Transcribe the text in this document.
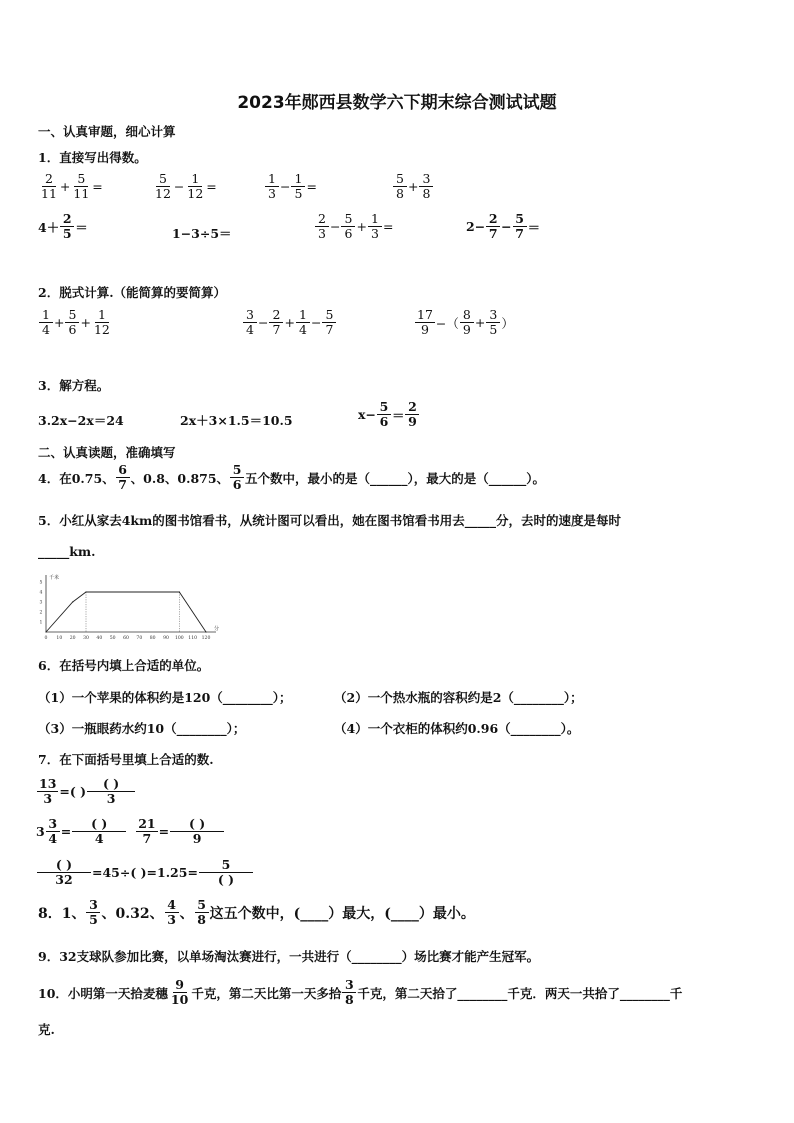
2023年郧西县数学六下期末综合测试试题
一、认真审题，细心计算
1．直接写出得数。
$\frac{2}{11} + \frac{5}{11}$ =	$\frac{5}{12} - \frac{1}{12}$ =	$\frac{1}{3} - \frac{1}{5}$ =	$\frac{5}{8} + \frac{3}{8}$
$4+ \frac{2}{5}$ ＝	1−3÷5＝	$\frac{2}{3} - \frac{5}{6} + \frac{1}{3}$ =	$2- \frac{2}{7} - \frac{5}{7}$ ＝
2．脱式计算.（能简算的要简算）
$\frac{1}{4} + \frac{5}{6} + \frac{1}{12}$	$\frac{3}{4} - \frac{2}{7} + \frac{1}{4} - \frac{5}{7}$	$\frac{17}{9}$ −（ $\frac{8}{9} + \frac{3}{5}$ ）
3．解方程。
3.2x−2x＝24	2x＋3×1.5＝10.5	$x- \frac{5}{6} = \frac{2}{9}$
二、认真读题，准确填写
4．在0.75、 $\frac{6}{7}$ 、0.8、0.875、 $\frac{5}{6}$ 五个数中，最小的是（______），最大的是（______）。
5．小红从家去4km的图书馆看书，从统计图可以看出，她在图书馆看书用去_____分，去时的速度是每时
_____km.
千米
分
0 10 20 30 40 50 60 70 80 90 100 110 120
1
2
3
4
5
6．在括号内填上合适的单位。
（1）一个苹果的体积约是120（________）；	（2）一个热水瓶的容积约是2（________）；
（3）一瓶眼药水约10（________）；	（4）一个衣柜的体积约0.96（________）。
7．在下面括号里填上合适的数.
$\frac{13}{3}$ =( ) $\frac{( )}{3}$
$3 \frac{3}{4} = \frac{( )}{4} \frac{21}{7} = \frac{( )}{9}$
$\frac{( )}{32} =45\div$( )$=1.25= \frac{5}{( )}$
8．1、 $\frac{3}{5}$ 、0.32、 $\frac{4}{3}$ 、 $\frac{5}{8}$ 这五个数中，(____）最大，(____）最小。
9．32支球队参加比赛，以单场淘汰赛进行，一共进行（________）场比赛才能产生冠军。
10．小明第一天拾麦穗 $\frac{9}{10}$ 千克，第二天比第一天多拾 $\frac{3}{8}$ 千克，第二天拾了________千克．两天一共拾了________千
克.
